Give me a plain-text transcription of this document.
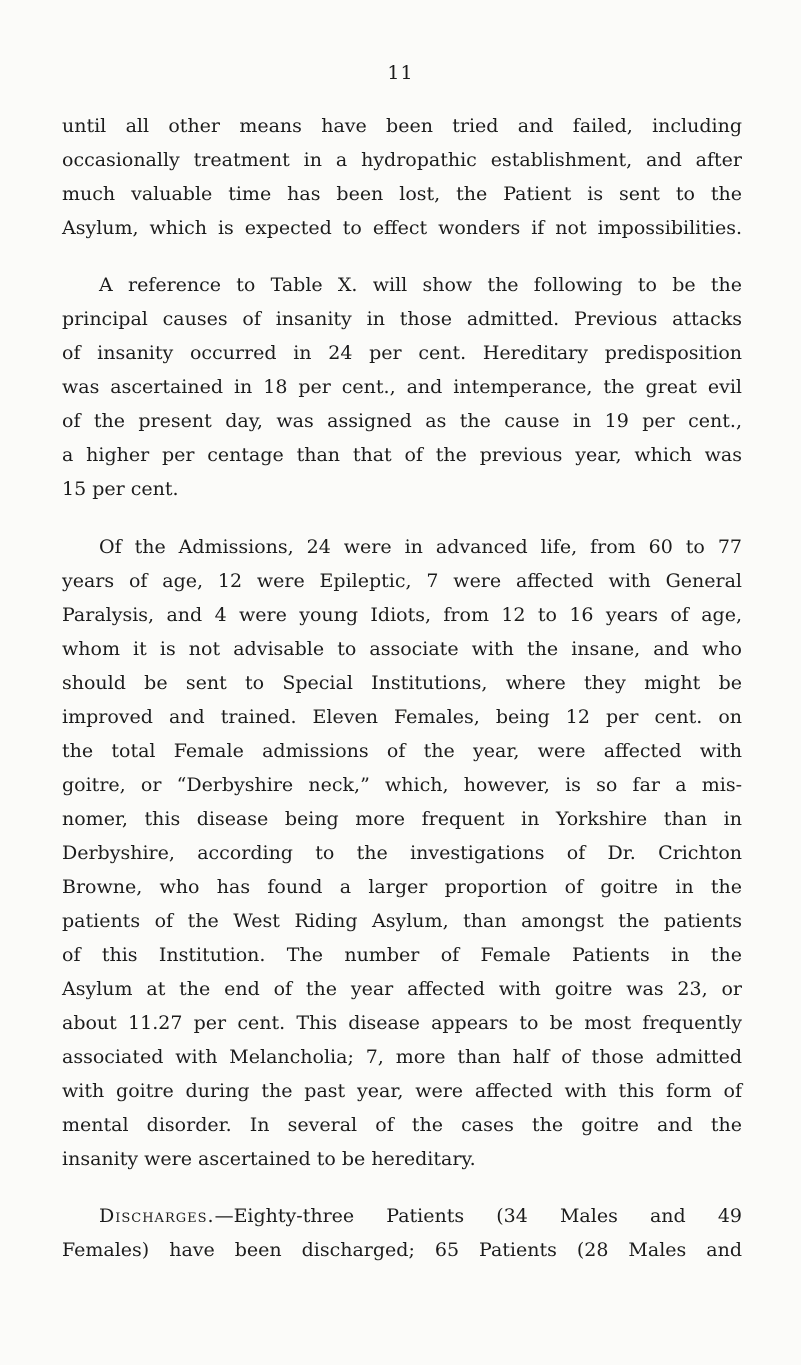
11
until all other means have been tried and failed, including
occasionally treatment in a hydropathic establishment, and after
much valuable time has been lost, the Patient is sent to the
Asylum, which is expected to effect wonders if not impossibilities.
A reference to Table X. will show the following to be the
principal causes of insanity in those admitted. Previous attacks
of insanity occurred in 24 per cent. Hereditary predisposition
was ascertained in 18 per cent., and intemperance, the great evil
of the present day, was assigned as the cause in 19 per cent.,
a higher per centage than that of the previous year, which was
15 per cent.
Of the Admissions, 24 were in advanced life, from 60 to 77
years of age, 12 were Epileptic, 7 were affected with General
Paralysis, and 4 were young Idiots, from 12 to 16 years of age,
whom it is not advisable to associate with the insane, and who
should be sent to Special Institutions, where they might be
improved and trained. Eleven Females, being 12 per cent. on
the total Female admissions of the year, were affected with
goitre, or “Derbyshire neck,” which, however, is so far a mis-
nomer, this disease being more frequent in Yorkshire than in
Derbyshire, according to the investigations of Dr. Crichton
Browne, who has found a larger proportion of goitre in the
patients of the West Riding Asylum, than amongst the patients
of this Institution. The number of Female Patients in the
Asylum at the end of the year affected with goitre was 23, or
about 11.27 per cent. This disease appears to be most frequently
associated with Melancholia; 7, more than half of those admitted
with goitre during the past year, were affected with this form of
mental disorder. In several of the cases the goitre and the
insanity were ascertained to be hereditary.
Discharges.—Eighty-three Patients (34 Males and 49
Females) have been discharged; 65 Patients (28 Males and
